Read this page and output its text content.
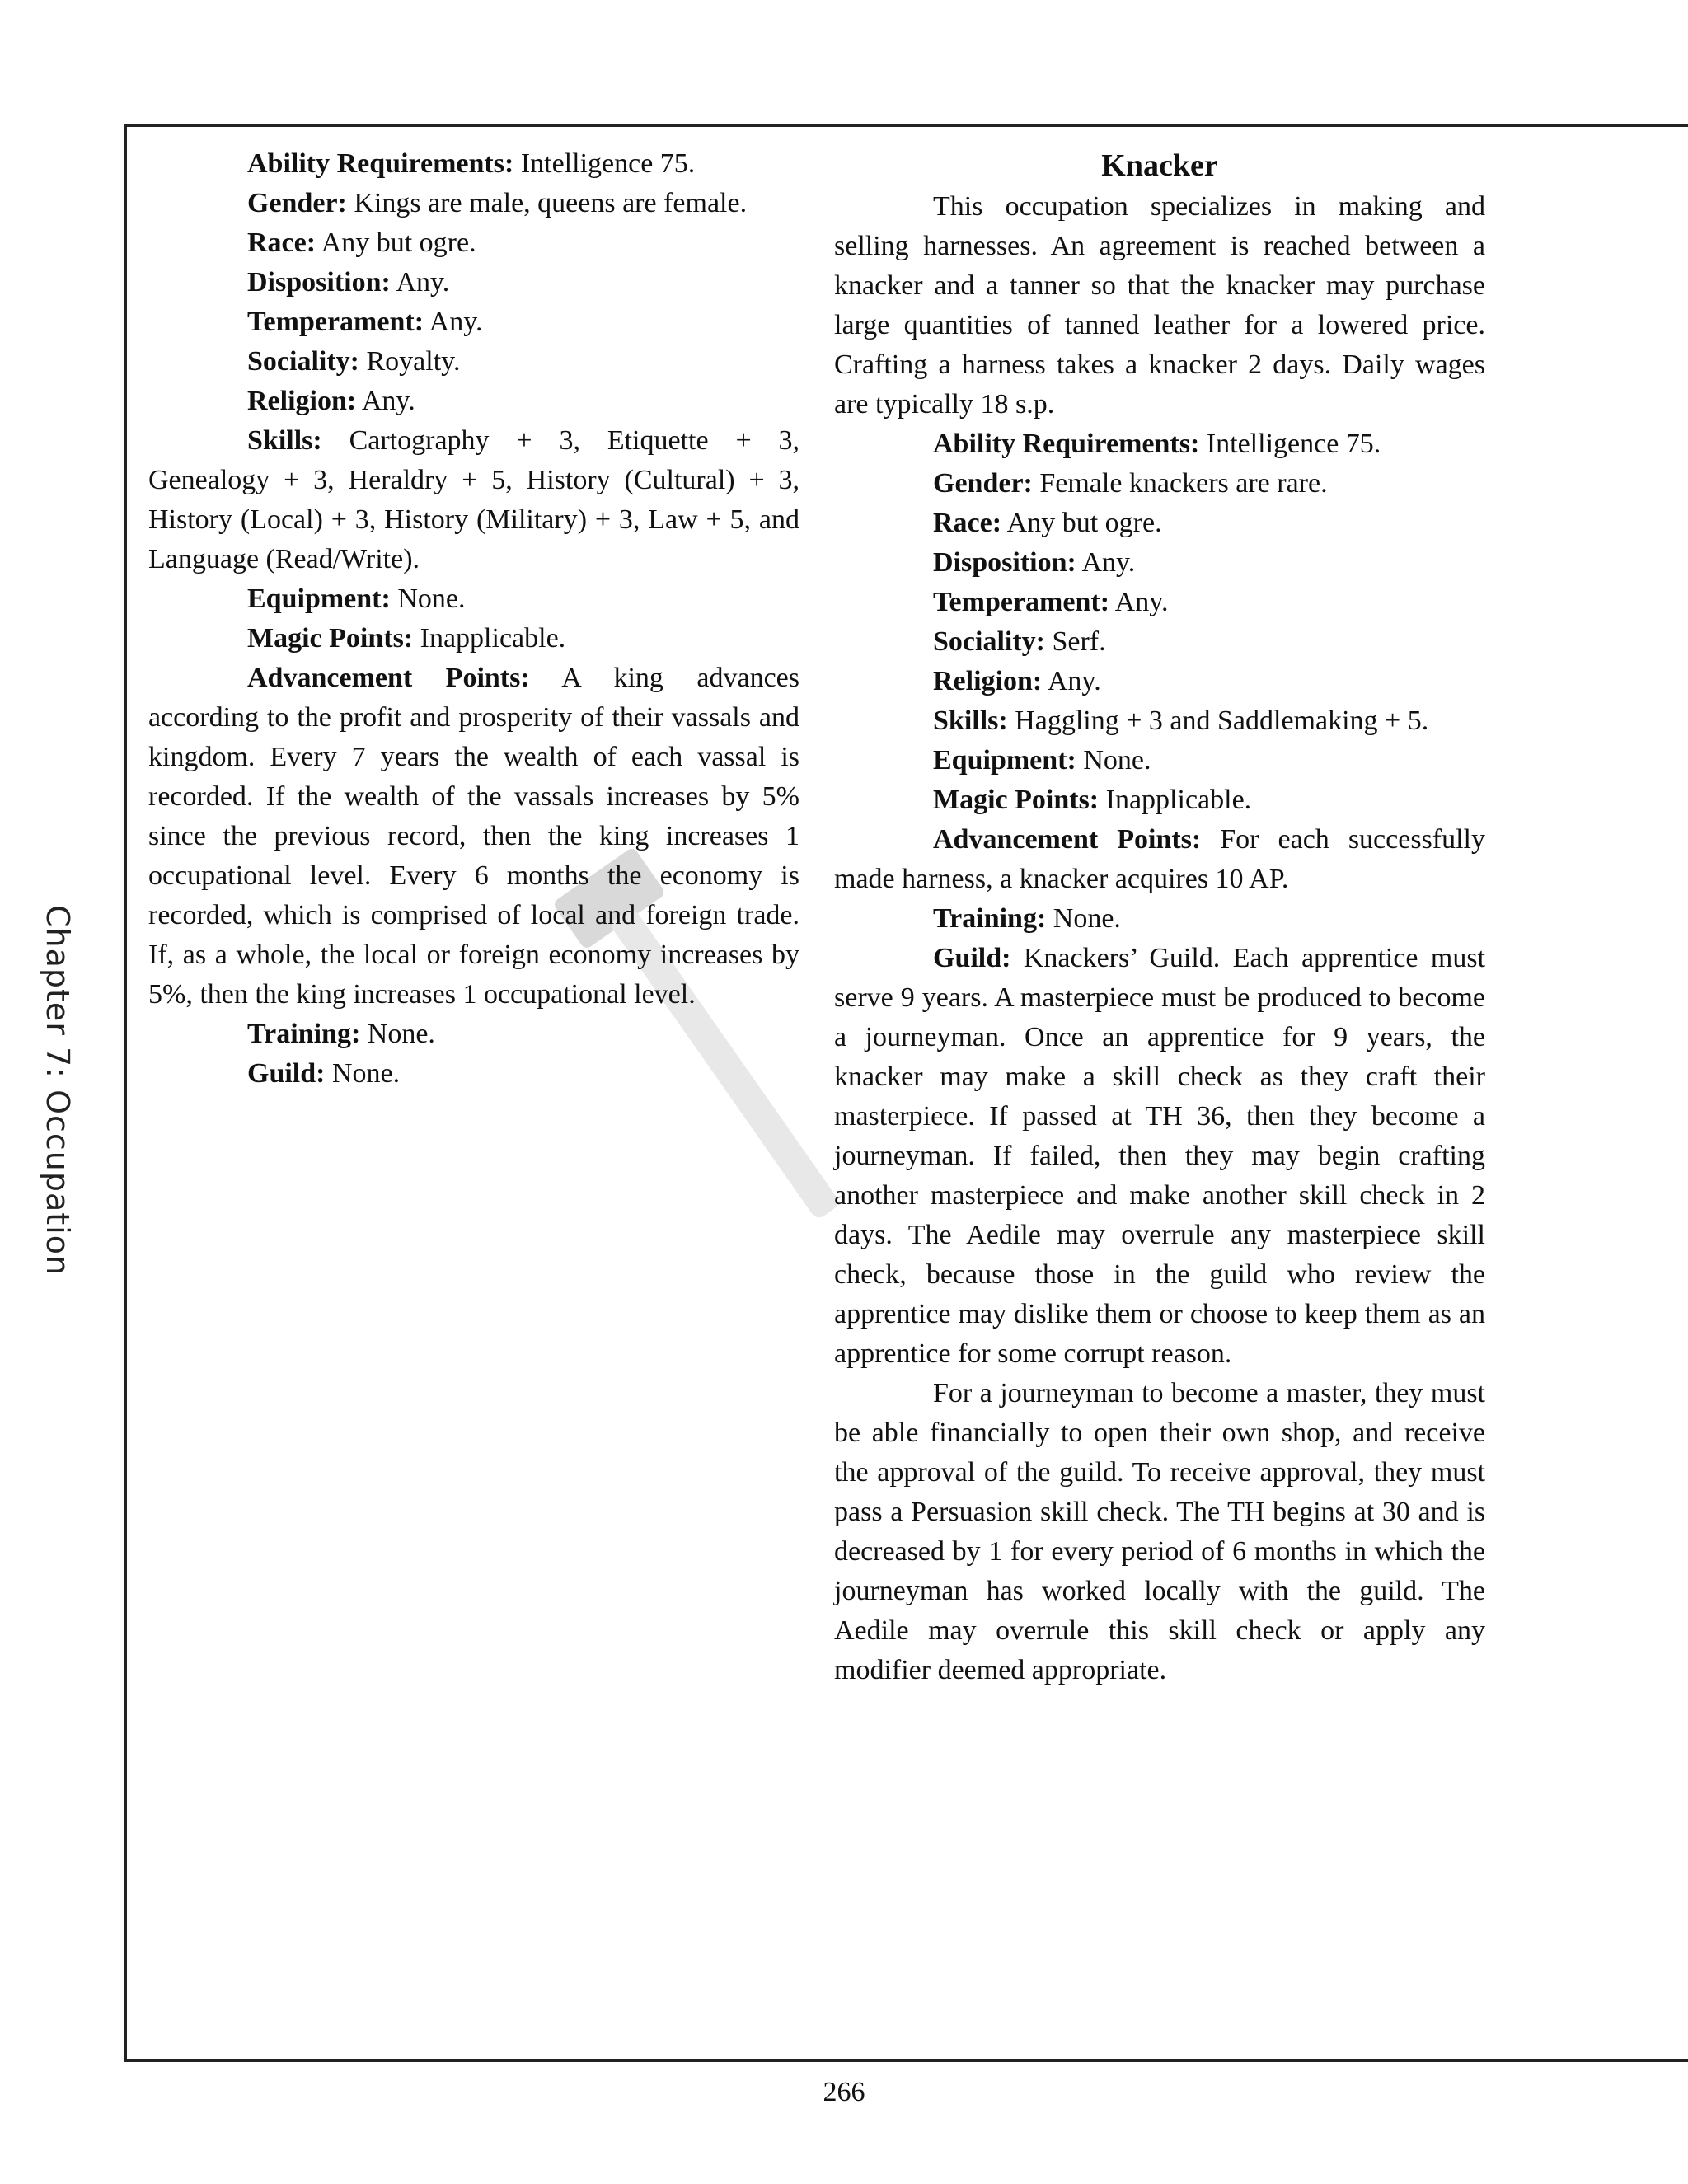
Chapter 7: Occupation

Ability Requirements: Intelligence 75.

Gender: Kings are male, queens are female.

Race: Any but ogre.

Disposition: Any.

Temperament: Any.

Sociality: Royalty.

Religion: Any.

Skills: Cartography + 3, Etiquette + 3, Genealogy + 3, Heraldry + 5, History (Cultural) + 3, History (Local) + 3, History (Military) + 3, Law + 5, and Language (Read/Write).

Equipment: None.

Magic Points: Inapplicable.

Advancement Points: A king advances according to the profit and prosperity of their vassals and kingdom. Every 7 years the wealth of each vassal is recorded. If the wealth of the vassals increases by 5% since the previous record, then the king increases 1 occupational level. Every 6 months the economy is recorded, which is comprised of local and foreign trade. If, as a whole, the local or foreign economy increases by 5%, then the king increases 1 occupational level.

Training: None.

Guild: None.

Knacker

This occupation specializes in making and selling harnesses. An agreement is reached between a knacker and a tanner so that the knacker may purchase large quantities of tanned leather for a lowered price. Crafting a harness takes a knacker 2 days. Daily wages are typically 18 s.p.

Ability Requirements: Intelligence 75.

Gender: Female knackers are rare.

Race: Any but ogre.

Disposition: Any.

Temperament: Any.

Sociality: Serf.

Religion: Any.

Skills: Haggling + 3 and Saddlemaking + 5.

Equipment: None.

Magic Points: Inapplicable.

Advancement Points: For each successfully made harness, a knacker acquires 10 AP.

Training: None.

Guild: Knackers’ Guild. Each apprentice must serve 9 years. A masterpiece must be produced to become a journeyman. Once an apprentice for 9 years, the knacker may make a skill check as they craft their masterpiece. If passed at TH 36, then they become a journeyman. If failed, then they may begin crafting another masterpiece and make another skill check in 2 days. The Aedile may overrule any masterpiece skill check, because those in the guild who review the apprentice may dislike them or choose to keep them as an apprentice for some corrupt reason.

For a journeyman to become a master, they must be able financially to open their own shop, and receive the approval of the guild. To receive approval, they must pass a Persuasion skill check. The TH begins at 30 and is decreased by 1 for every period of 6 months in which the journeyman has worked locally with the guild. The Aedile may overrule this skill check or apply any modifier deemed appropriate.

266
